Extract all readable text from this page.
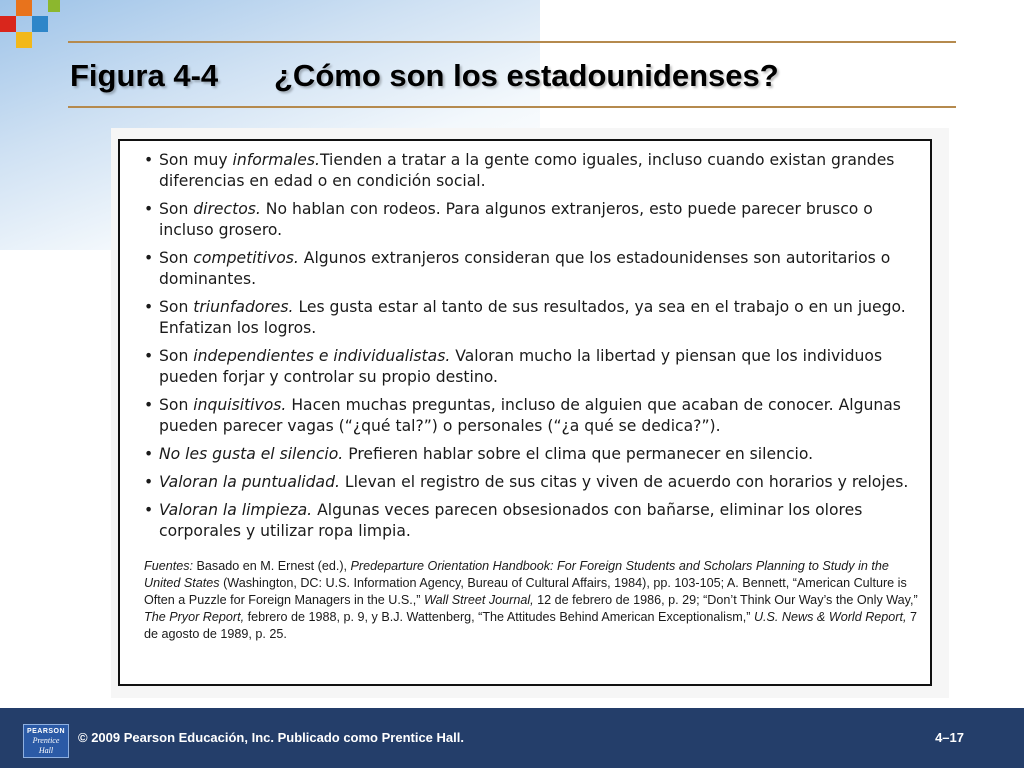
Figura 4-4 ¿Cómo son los estadounidenses?
• Son muy informales.Tienden a tratar a la gente como iguales, incluso cuando existan grandes diferencias en edad o en condición social.
• Son directos. No hablan con rodeos. Para algunos extranjeros, esto puede parecer brusco o incluso grosero.
• Son competitivos. Algunos extranjeros consideran que los estadounidenses son autoritarios o dominantes.
• Son triunfadores. Les gusta estar al tanto de sus resultados, ya sea en el trabajo o en un juego. Enfatizan los logros.
• Son independientes e individualistas. Valoran mucho la libertad y piensan que los individuos pueden forjar y controlar su propio destino.
• Son inquisitivos. Hacen muchas preguntas, incluso de alguien que acaban de conocer. Algunas pueden parecer vagas (“¿qué tal?”) o personales (“¿a qué se dedica?”).
• No les gusta el silencio. Prefieren hablar sobre el clima que permanecer en silencio.
• Valoran la puntualidad. Llevan el registro de sus citas y viven de acuerdo con horarios y relojes.
• Valoran la limpieza. Algunas veces parecen obsesionados con bañarse, eliminar los olores corporales y utilizar ropa limpia.
Fuentes: Basado en M. Ernest (ed.), Predeparture Orientation Handbook: For Foreign Students and Scholars Planning to Study in the United States (Washington, DC: U.S. Information Agency, Bureau of Cultural Affairs, 1984), pp. 103-105; A. Bennett, “American Culture is Often a Puzzle for Foreign Managers in the U.S.,” Wall Street Journal, 12 de febrero de 1986, p. 29; “Don’t Think Our Way’s the Only Way,” The Pryor Report, febrero de 1988, p. 9, y B.J. Wattenberg, “The Attitudes Behind American Exceptionalism,” U.S. News & World Report, 7 de agosto de 1989, p. 25.
PEARSON
Prentice
Hall
© 2009 Pearson Educación, Inc. Publicado como Prentice Hall.	4–17
